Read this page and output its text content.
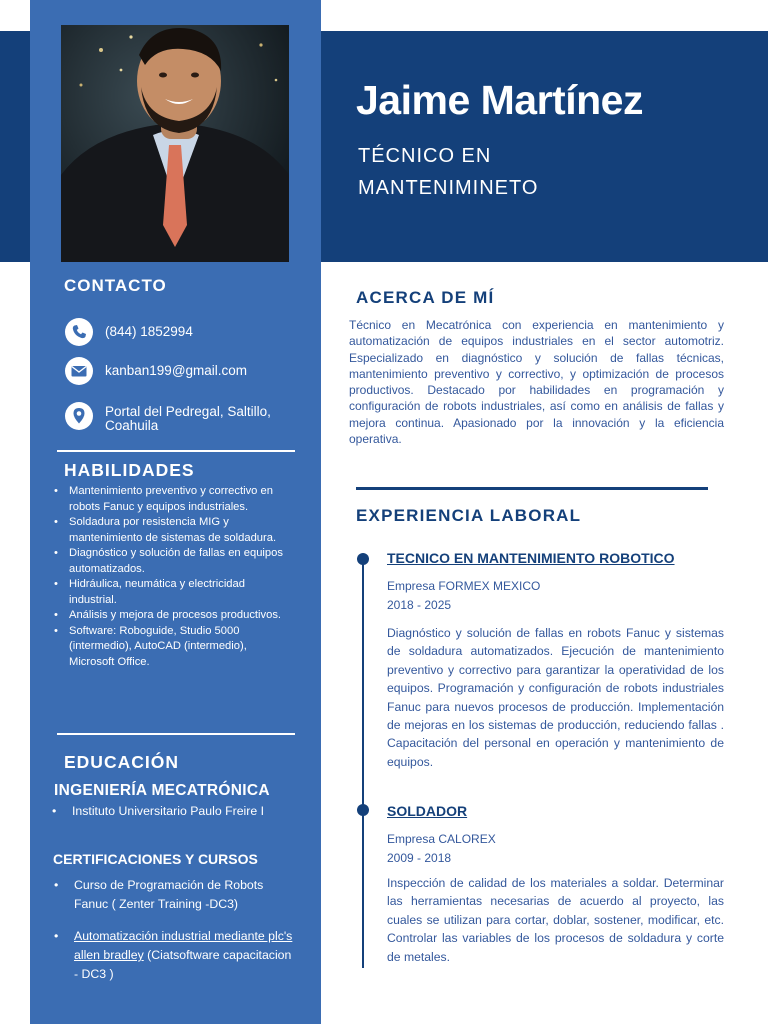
Jaime Martínez
TÉCNICO EN
MANTENIMINETO
CONTACTO
(844) 1852994
kanban199@gmail.com
Portal del Pedregal, Saltillo,
Coahuila
HABILIDADES
• Mantenimiento preventivo y correctivo en robots Fanuc y equipos industriales.
• Soldadura por resistencia MIG y mantenimiento de sistemas de soldadura.
• Diagnóstico y solución de fallas en equipos automatizados.
• Hidráulica, neumática y electricidad industrial.
• Análisis y mejora de procesos productivos.
• Software: Roboguide, Studio 5000 (intermedio), AutoCAD (intermedio), Microsoft Office.
EDUCACIÓN
INGENIERÍA MECATRÓNICA
• Instituto Universitario Paulo Freire I
CERTIFICACIONES Y CURSOS
• Curso de Programación de Robots Fanuc ( Zenter Training -DC3)
• Automatización industrial mediante plc's allen bradley (Ciatsoftware capacitacion - DC3 )
ACERCA DE MÍ
Técnico en Mecatrónica con experiencia en mantenimiento y automatización de equipos industriales en el sector automotriz. Especializado en diagnóstico y solución de fallas técnicas, mantenimiento preventivo y correctivo, y optimización de procesos productivos. Destacado por habilidades en programación y configuración de robots industriales, así como en análisis de fallas y mejora continua. Apasionado por la innovación y la eficiencia operativa.
EXPERIENCIA LABORAL
TECNICO EN MANTENIMIENTO ROBOTICO
Empresa FORMEX MEXICO
2018 - 2025
Diagnóstico y solución de fallas en robots Fanuc y sistemas de soldadura automatizados. Ejecución de mantenimiento preventivo y correctivo para garantizar la operatividad de los equipos. Programación y configuración de robots industriales Fanuc para nuevos procesos de producción. Implementación de mejoras en los sistemas de producción, reduciendo fallas . Capacitación del personal en operación y mantenimiento de equipos.
SOLDADOR
Empresa CALOREX
2009 - 2018
Inspección de calidad de los materiales a soldar. Determinar las herramientas necesarias de acuerdo al proyecto, las cuales se utilizan para cortar, doblar, sostener, modificar, etc. Controlar las variables de los procesos de soldadura y corte de metales.
